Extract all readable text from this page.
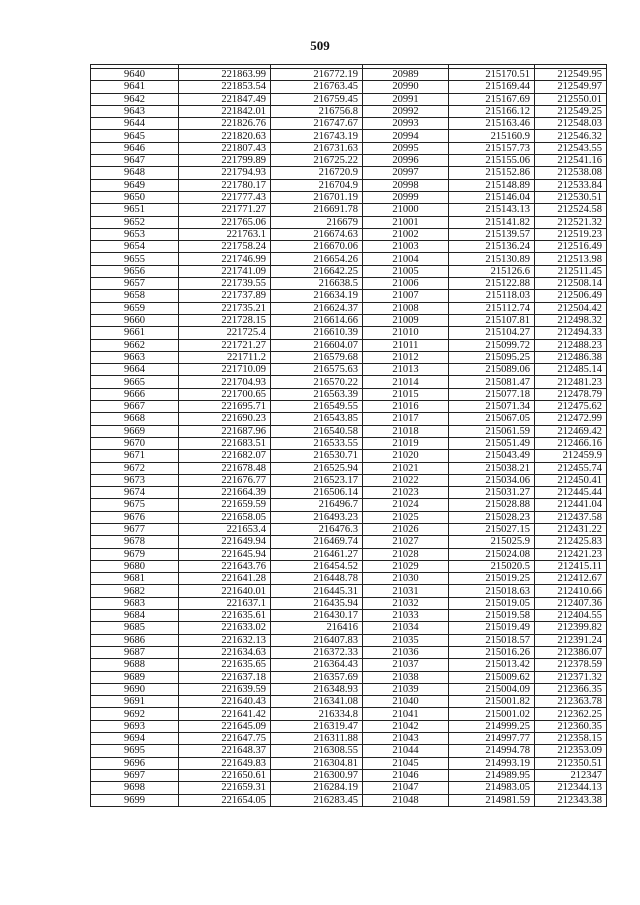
509

9640	221863.99	216772.19	20989	215170.51	212549.95
9641	221853.54	216763.45	20990	215169.44	212549.97
9642	221847.49	216759.45	20991	215167.69	212550.01
9643	221842.01	216756.8	20992	215166.12	212549.25
9644	221826.76	216747.67	20993	215163.46	212548.03
9645	221820.63	216743.19	20994	215160.9	212546.32
9646	221807.43	216731.63	20995	215157.73	212543.55
9647	221799.89	216725.22	20996	215155.06	212541.16
9648	221794.93	216720.9	20997	215152.86	212538.08
9649	221780.17	216704.9	20998	215148.89	212533.84
9650	221777.43	216701.19	20999	215146.04	212530.51
9651	221771.27	216691.78	21000	215143.13	212524.58
9652	221765.06	216679	21001	215141.82	212521.32
9653	221763.1	216674.63	21002	215139.57	212519.23
9654	221758.24	216670.06	21003	215136.24	212516.49
9655	221746.99	216654.26	21004	215130.89	212513.98
9656	221741.09	216642.25	21005	215126.6	212511.45
9657	221739.55	216638.5	21006	215122.88	212508.14
9658	221737.89	216634.19	21007	215118.03	212506.49
9659	221735.21	216624.37	21008	215112.74	212504.42
9660	221728.15	216614.66	21009	215107.81	212498.32
9661	221725.4	216610.39	21010	215104.27	212494.33
9662	221721.27	216604.07	21011	215099.72	212488.23
9663	221711.2	216579.68	21012	215095.25	212486.38
9664	221710.09	216575.63	21013	215089.06	212485.14
9665	221704.93	216570.22	21014	215081.47	212481.23
9666	221700.65	216563.39	21015	215077.18	212478.79
9667	221695.71	216549.55	21016	215071.34	212475.62
9668	221690.23	216543.85	21017	215067.05	212472.99
9669	221687.96	216540.58	21018	215061.59	212469.42
9670	221683.51	216533.55	21019	215051.49	212466.16
9671	221682.07	216530.71	21020	215043.49	212459.9
9672	221678.48	216525.94	21021	215038.21	212455.74
9673	221676.77	216523.17	21022	215034.06	212450.41
9674	221664.39	216506.14	21023	215031.27	212445.44
9675	221659.59	216496.7	21024	215028.88	212441.04
9676	221658.05	216493.23	21025	215028.23	212437.58
9677	221653.4	216476.3	21026	215027.15	212431.22
9678	221649.94	216469.74	21027	215025.9	212425.83
9679	221645.94	216461.27	21028	215024.08	212421.23
9680	221643.76	216454.52	21029	215020.5	212415.11
9681	221641.28	216448.78	21030	215019.25	212412.67
9682	221640.01	216445.31	21031	215018.63	212410.66
9683	221637.1	216435.94	21032	215019.05	212407.36
9684	221635.61	216430.17	21033	215019.58	212404.55
9685	221633.02	216416	21034	215019.49	212399.82
9686	221632.13	216407.83	21035	215018.57	212391.24
9687	221634.63	216372.33	21036	215016.26	212386.07
9688	221635.65	216364.43	21037	215013.42	212378.59
9689	221637.18	216357.69	21038	215009.62	212371.32
9690	221639.59	216348.93	21039	215004.09	212366.35
9691	221640.43	216341.08	21040	215001.82	212363.78
9692	221641.42	216334.8	21041	215001.02	212362.25
9693	221645.09	216319.47	21042	214999.25	212360.35
9694	221647.75	216311.88	21043	214997.77	212358.15
9695	221648.37	216308.55	21044	214994.78	212353.09
9696	221649.83	216304.81	21045	214993.19	212350.51
9697	221650.61	216300.97	21046	214989.95	212347
9698	221659.31	216284.19	21047	214983.05	212344.13
9699	221654.05	216283.45	21048	214981.59	212343.38
